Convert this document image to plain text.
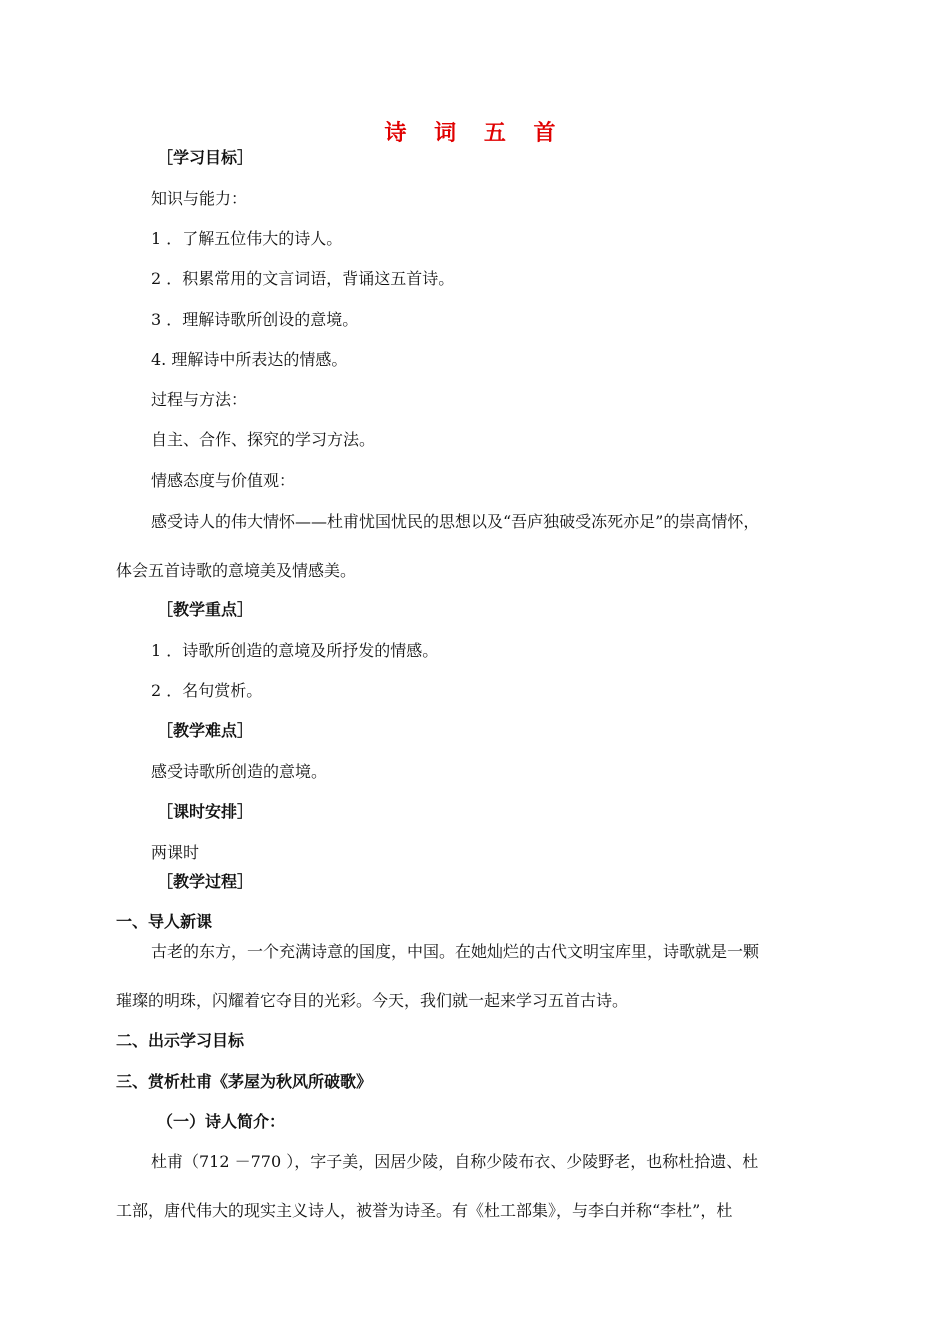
诗 词 五 首
［学习目标］
知识与能力：
1 ．了解五位伟大的诗人。
2 ．积累常用的文言词语，背诵这五首诗。
3 ．理解诗歌所创设的意境。
4. 理解诗中所表达的情感。
过程与方法：
自主、合作、探究的学习方法。
情感态度与价值观：
感受诗人的伟大情怀——杜甫忧国忧民的思想以及“吾庐独破受冻死亦足”的崇高情怀，
体会五首诗歌的意境美及情感美。
［教学重点］
1 ．诗歌所创造的意境及所抒发的情感。
2 ．名句赏析。
［教学难点］
感受诗歌所创造的意境。
［课时安排］
两课时
［教学过程］
一、导人新课
古老的东方，一个充满诗意的国度，中国。在她灿烂的古代文明宝库里，诗歌就是一颗
璀璨的明珠，闪耀着它夺目的光彩。今天，我们就一起来学习五首古诗。
二、出示学习目标
三、赏析杜甫《茅屋为秋风所破歌》
（一）诗人简介：
杜甫（712 －770 ），字子美，因居少陵，自称少陵布衣、少陵野老，也称杜拾遗、杜
工部，唐代伟大的现实主义诗人，被誉为诗圣。有《杜工部集》，与李白并称“李杜”，杜
